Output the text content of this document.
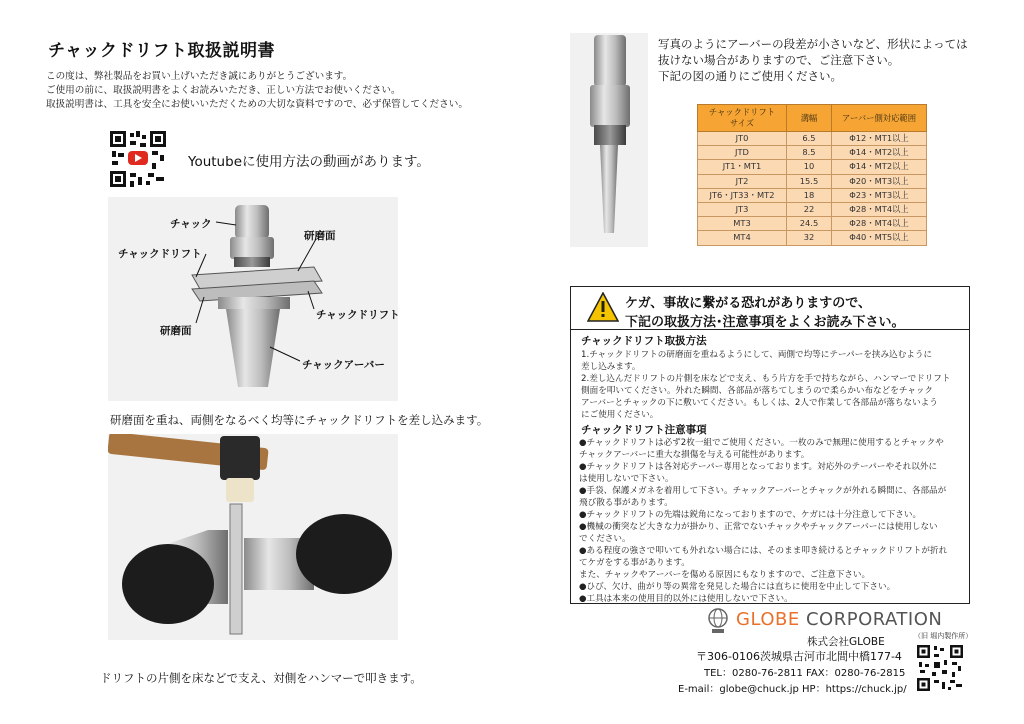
チャックドリフト取扱説明書
この度は、弊社製品をお買い上げいただき誠にありがとうございます。
ご使用の前に、取扱説明書をよくお読みいただき、正しい方法でお使いください。
取扱説明書は、工具を安全にお使いいただくための大切な資料ですので、必ず保管してください。
Youtubeに使用方法の動画があります。
チャック
研磨面
チャックドリフト
チャックドリフト
研磨面
チャックアーバー
研磨面を重ね、両側をなるべく均等にチャックドリフトを差し込みます。
ドリフトの片側を床などで支え、対側をハンマーで叩きます。
写真のようにアーバーの段差が小さいなど、形状によっては
抜けない場合がありますので、ご注意下さい。
下記の図の通りにご使用ください。
チャックドリフト
サイズ	溝幅	アーバー側対応範囲
JT0	6.5	Φ12・MT1以上
JTD	8.5	Φ14・MT2以上
JT1・MT1	10	Φ14・MT2以上
JT2	15.5	Φ20・MT3以上
JT6・JT33・MT2	18	Φ23・MT3以上
JT3	22	Φ28・MT4以上
MT3	24.5	Φ28・MT4以上
MT4	32	Φ40・MT5以上
ケガ、事故に繋がる恐れがありますので、
下記の取扱方法･注意事項をよくお読み下さい。
チャックドリフト取扱方法
1.チャックドリフトの研磨面を重ねるようにして、両側で均等にテーパーを挟み込むように
差し込みます。
2.差し込んだドリフトの片側を床などで支え、もう片方を手で持ちながら、ハンマーでドリフト
側面を叩いてください。外れた瞬間、各部品が落ちてしまうので柔らかい布などをチャック
アーバーとチャックの下に敷いてください。もしくは、2人で作業して各部品が落ちないよう
にご使用ください。
チャックドリフト注意事項
●チャックドリフトは必ず2枚一組でご使用ください。一枚のみで無理に使用するとチャックや
チャックアーバーに重大な損傷を与える可能性があります。
●チャックドリフトは各対応テーパー専用となっております。対応外のテーパーやそれ以外に
は使用しないで下さい。
●手袋、保護メガネを着用して下さい。チャックアーバーとチャックが外れる瞬間に、各部品が
飛び散る事があります。
●チャックドリフトの先端は鋭角になっておりますので、ケガには十分注意して下さい。
●機械の衝突など大きな力が掛かり、正常でないチャックやチャックアーバーには使用しない
でください。
●ある程度の強さで叩いても外れない場合には、そのまま叩き続けるとチャックドリフトが折れ
てケガをする事があります。
また、チャックやアーバーを傷める原因にもなりますので、ご注意下さい。
●ひび、欠け、曲がり等の異常を発見した場合には直ちに使用を中止して下さい。
●工具は本来の使用目的以外には使用しないで下さい。
GLOBE CORPORATION
（旧 堀内製作所）
株式会社GLOBE
〒306-0106茨城県古河市北間中橋177-4
TEL：0280-76-2811 FAX：0280-76-2815
E-mail：globe@chuck.jp HP：https://chuck.jp/
